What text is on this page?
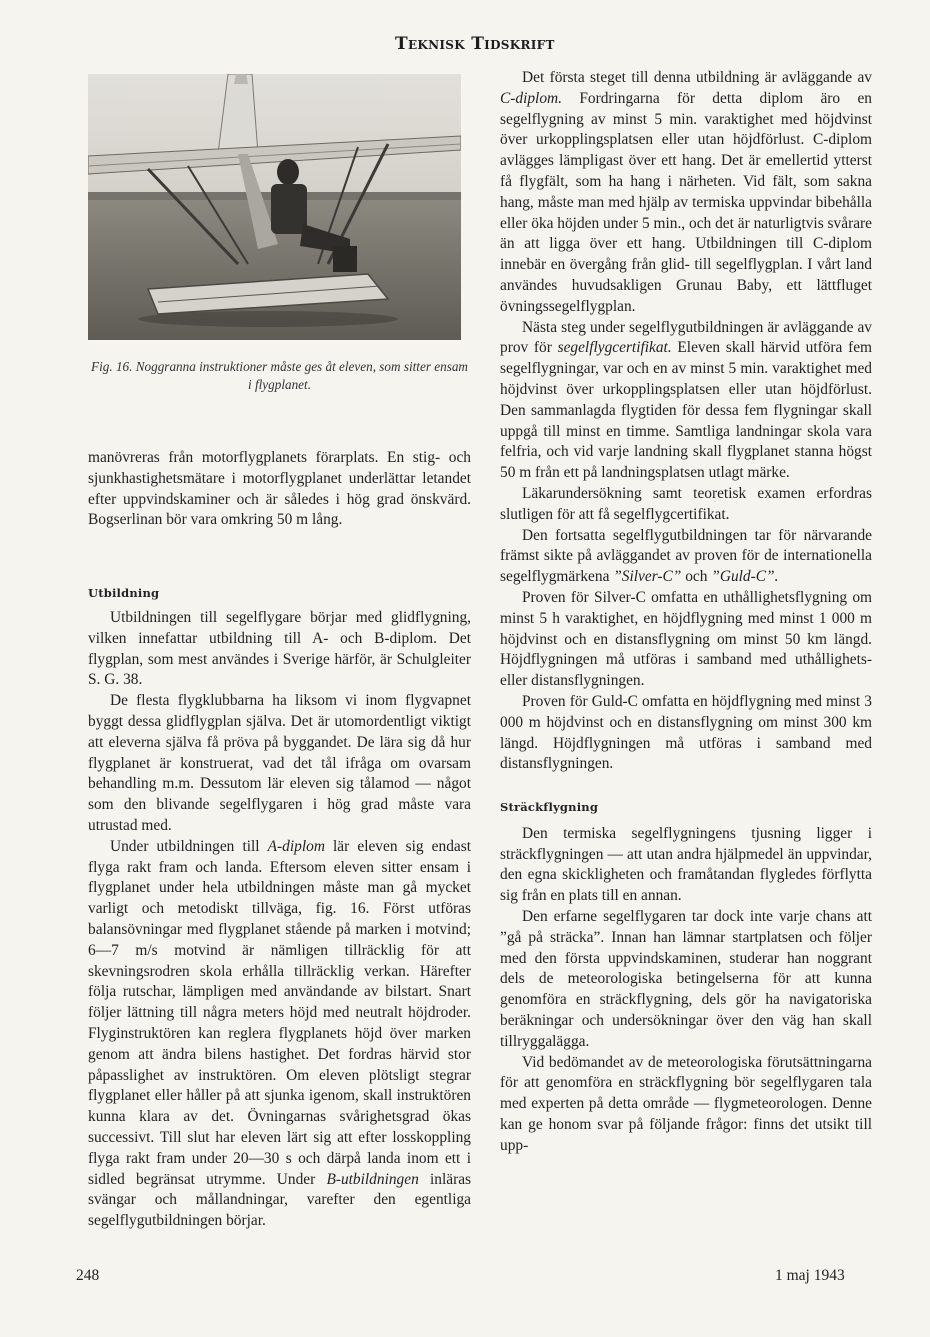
Teknisk Tidskrift
Fig. 16. Noggranna instruktioner måste ges åt eleven, som sitter ensam i flygplanet.

manövreras från motorflygplanets förarplats. En stig- och sjunkhastighetsmätare i motorflygplanet underlättar letandet efter uppvindskaminer och är således i hög grad önskvärd. Bogserlinan bör vara omkring 50 m lång.

Utbildning

Utbildningen till segelflygare börjar med glidflygning, vilken innefattar utbildning till A- och B-diplom. Det flygplan, som mest användes i Sverige härför, är Schulgleiter S. G. 38.

De flesta flygklubbarna ha liksom vi inom flygvapnet byggt dessa glidflygplan själva. Det är utomordentligt viktigt att eleverna själva få pröva på byggandet. De lära sig då hur flygplanet är konstruerat, vad det tål ifråga om ovarsam behandling m.m. Dessutom lär eleven sig tålamod — något som den blivande segelflygaren i hög grad måste vara utrustad med.

Under utbildningen till A-diplom lär eleven sig endast flyga rakt fram och landa. Eftersom eleven sitter ensam i flygplanet under hela utbildningen måste man gå mycket varligt och metodiskt tillväga, fig. 16. Först utföras balansövningar med flygplanet stående på marken i motvind; 6—7 m/s motvind är nämligen tillräcklig för att skevningsrodren skola erhålla tillräcklig verkan. Härefter följa rutschar, lämpligen med användande av bilstart. Snart följer lättning till några meters höjd med neutralt höjdroder. Flyginstruktören kan reglera flygplanets höjd över marken genom att ändra bilens hastighet. Det fordras härvid stor påpasslighet av instruktören. Om eleven plötsligt stegrar flygplanet eller håller på att sjunka igenom, skall instruktören kunna klara av det. Övningarnas svårighetsgrad ökas successivt. Till slut har eleven lärt sig att efter losskoppling flyga rakt fram under 20—30 s och därpå landa inom ett i sidled begränsat utrymme. Under B-utbildningen inläras svängar och mållandningar, varefter den egentliga segelflygutbildningen börjar.

Det första steget till denna utbildning är avläggande av C-diplom. Fordringarna för detta diplom äro en segelflygning av minst 5 min. varaktighet med höjdvinst över urkopplingsplatsen eller utan höjdförlust. C-diplom avlägges lämpligast över ett hang. Det är emellertid ytterst få flygfält, som ha hang i närheten. Vid fält, som sakna hang, måste man med hjälp av termiska uppvindar bibehålla eller öka höjden under 5 min., och det är naturligtvis svårare än att ligga över ett hang. Utbildningen till C-diplom innebär en övergång från glid- till segelflygplan. I vårt land användes huvudsakligen Grunau Baby, ett lättfluget övningssegelflygplan.

Nästa steg under segelflygutbildningen är avläggande av prov för segelflygcertifikat. Eleven skall härvid utföra fem segelflygningar, var och en av minst 5 min. varaktighet med höjdvinst över urkopplingsplatsen eller utan höjdförlust. Den sammanlagda flygtiden för dessa fem flygningar skall uppgå till minst en timme. Samtliga landningar skola vara felfria, och vid varje landning skall flygplanet stanna högst 50 m från ett på landningsplatsen utlagt märke.

Läkarundersökning samt teoretisk examen erfordras slutligen för att få segelflygcertifikat.

Den fortsatta segelflygutbildningen tar för närvarande främst sikte på avläggandet av proven för de internationella segelflygmärkena ”Silver-C” och ”Guld-C”.

Proven för Silver-C omfatta en uthållighetsflygning om minst 5 h varaktighet, en höjdflygning med minst 1 000 m höjdvinst och en distansflygning om minst 50 km längd. Höjdflygningen må utföras i samband med uthållighets- eller distansflygningen.

Proven för Guld-C omfatta en höjdflygning med minst 3 000 m höjdvinst och en distansflygning om minst 300 km längd. Höjdflygningen må utföras i samband med distansflygningen.

Sträckflygning

Den termiska segelflygningens tjusning ligger i sträckflygningen — att utan andra hjälpmedel än uppvindar, den egna skickligheten och framåtandan flygledes förflytta sig från en plats till en annan.

Den erfarne segelflygaren tar dock inte varje chans att ”gå på sträcka”. Innan han lämnar startplatsen och följer med den första uppvindskaminen, studerar han noggrant dels de meteorologiska betingelserna för att kunna genomföra en sträckflygning, dels gör ha navigatoriska beräkningar och undersökningar över den väg han skall tillryggalägga.

Vid bedömandet av de meteorologiska förutsättningarna för att genomföra en sträckflygning bör segelflygaren tala med experten på detta område — flygmeteorologen. Denne kan ge honom svar på följande frågor: finns det utsikt till upp-

248	1 maj 1943
